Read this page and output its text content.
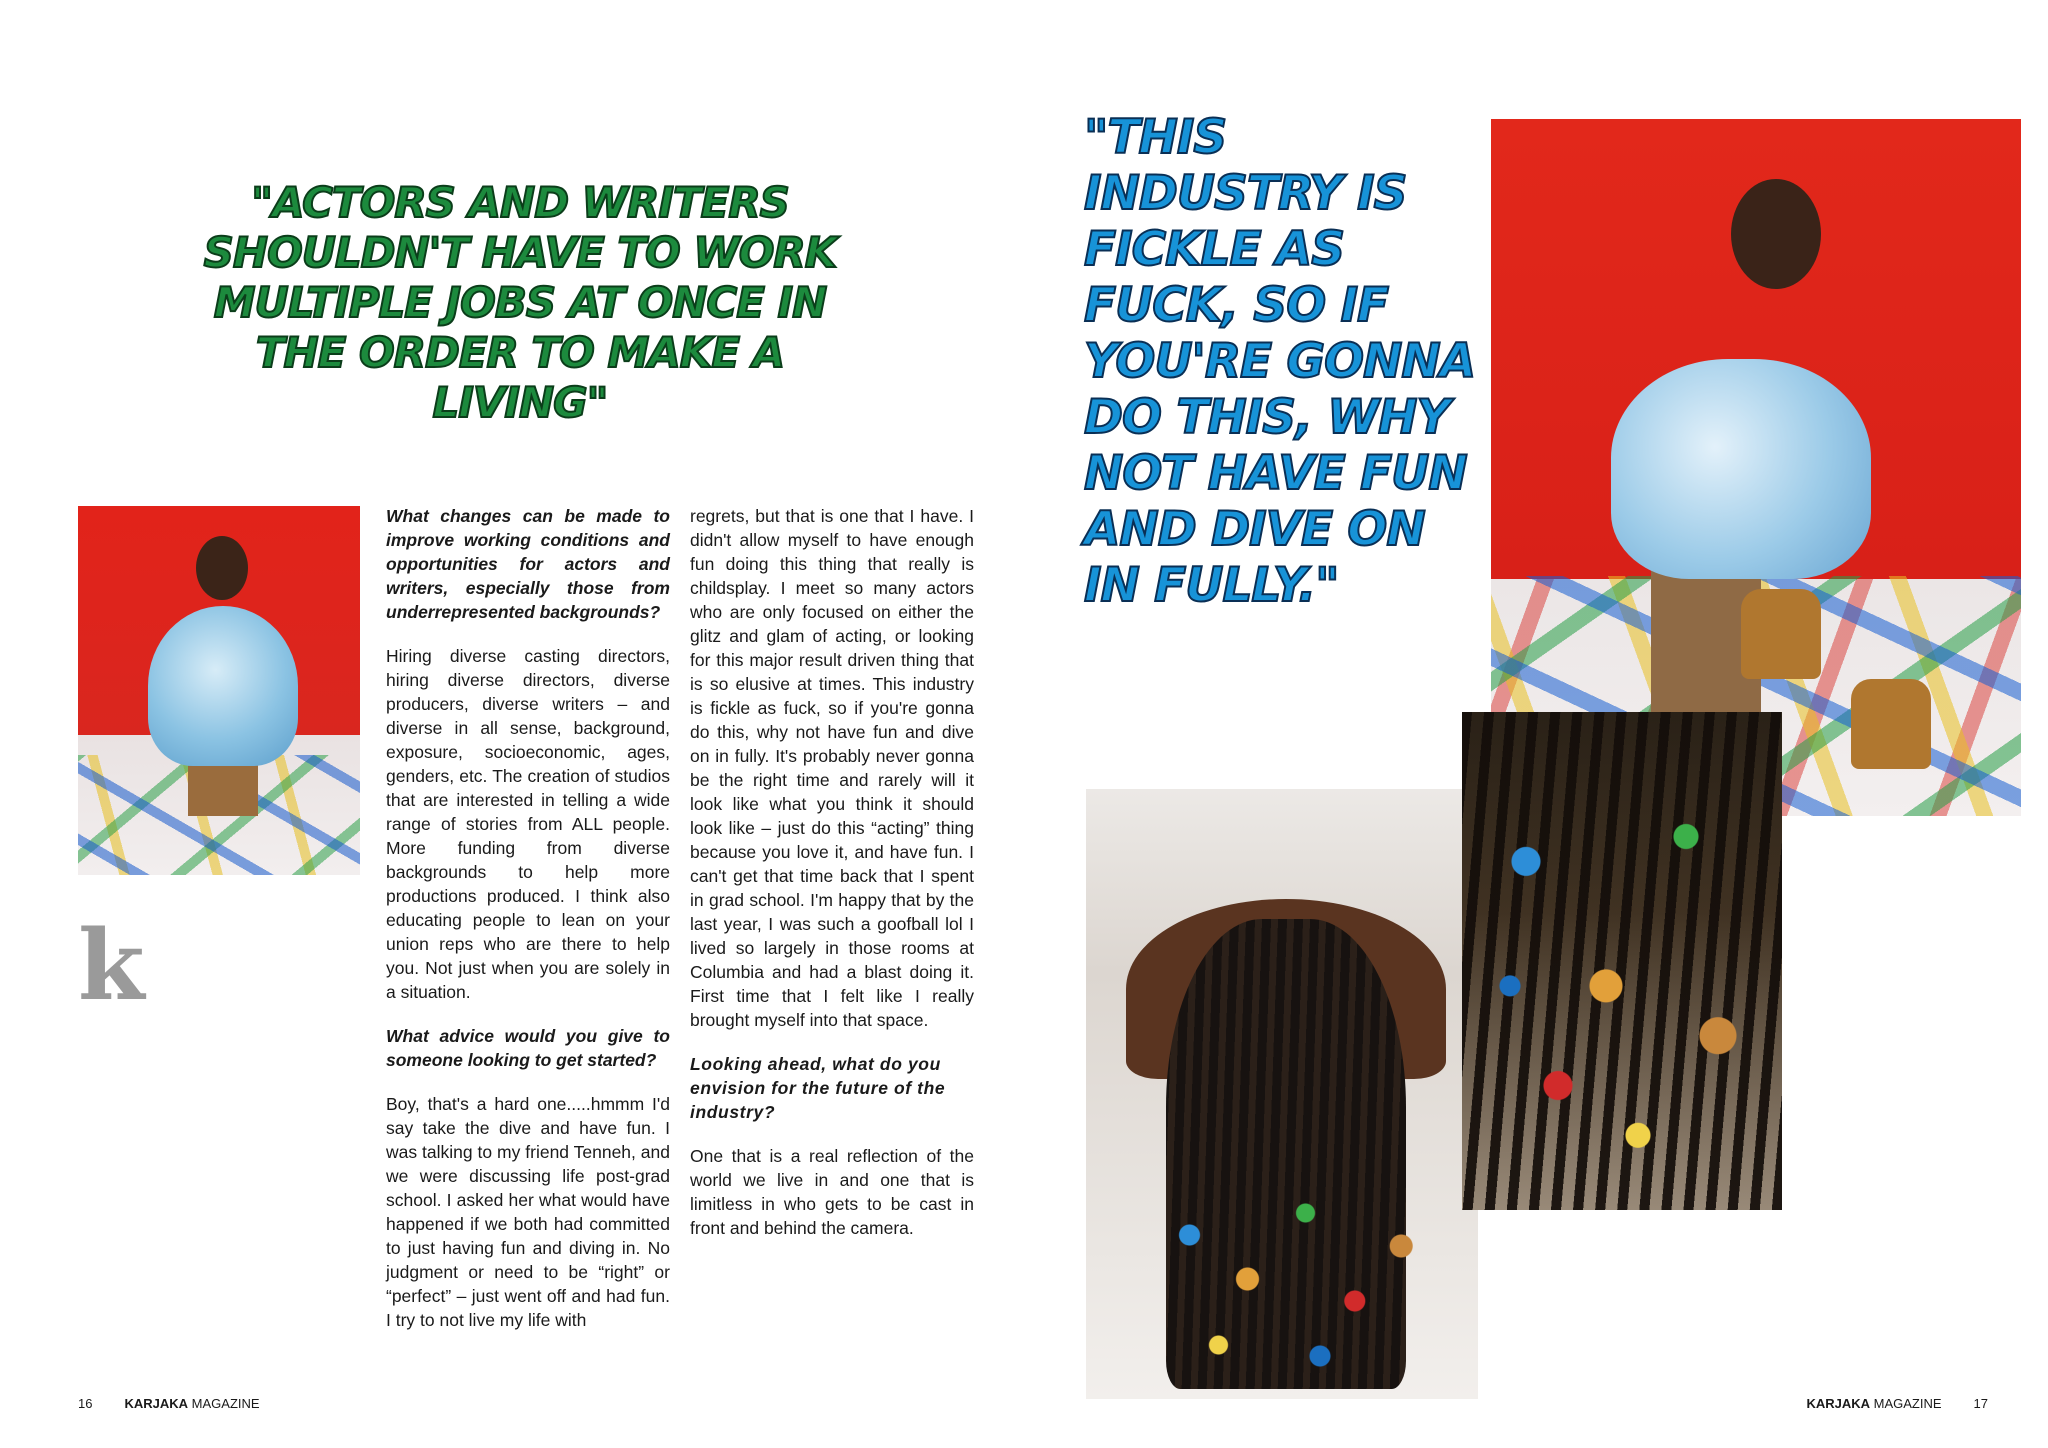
"ACTORS AND WRITERS SHOULDN'T HAVE TO WORK MULTIPLE JOBS AT ONCE IN THE ORDER TO MAKE A LIVING"
k

What changes can be made to improve working conditions and opportunities for actors and writers, especially those from underrepresented backgrounds?

Hiring diverse casting directors, hiring diverse directors, diverse producers, diverse writers – and diverse in all sense, background, exposure, socioeconomic, ages, genders, etc. The creation of studios that are interested in telling a wide range of stories from ALL people. More funding from diverse backgrounds to help more productions produced. I think also educating people to lean on your union reps who are there to help you. Not just when you are solely in a situation.

What advice would you give to someone looking to get started?

Boy, that's a hard one.....hmmm I'd say take the dive and have fun. I was talking to my friend Tenneh, and we were discussing life post-grad school. I asked her what would have happened if we both had committed to just having fun and diving in. No judgment or need to be “right” or “perfect” – just went off and had fun. I try to not live my life with

regrets, but that is one that I have. I didn't allow myself to have enough fun doing this thing that really is childsplay. I meet so many actors who are only focused on either the glitz and glam of acting, or looking for this major result driven thing that is so elusive at times. This industry is fickle as fuck, so if you're gonna do this, why not have fun and dive on in fully. It's probably never gonna be the right time and rarely will it look like what you think it should look like – just do this “acting” thing because you love it, and have fun. I can't get that time back that I spent in grad school. I'm happy that by the last year, I was such a goofball lol I lived so largely in those rooms at Columbia and had a blast doing it. First time that I felt like I really brought myself into that space.

Looking ahead, what do you envision for the future of the industry?

One that is a real reflection of the world we live in and one that is limitless in who gets to be cast in front and behind the camera.

16 KARJAKA MAGAZINE
"THIS INDUSTRY IS FICKLE AS FUCK, SO IF YOU'RE GONNA DO THIS, WHY NOT HAVE FUN AND DIVE ON IN FULLY."
KARJAKA MAGAZINE 17
